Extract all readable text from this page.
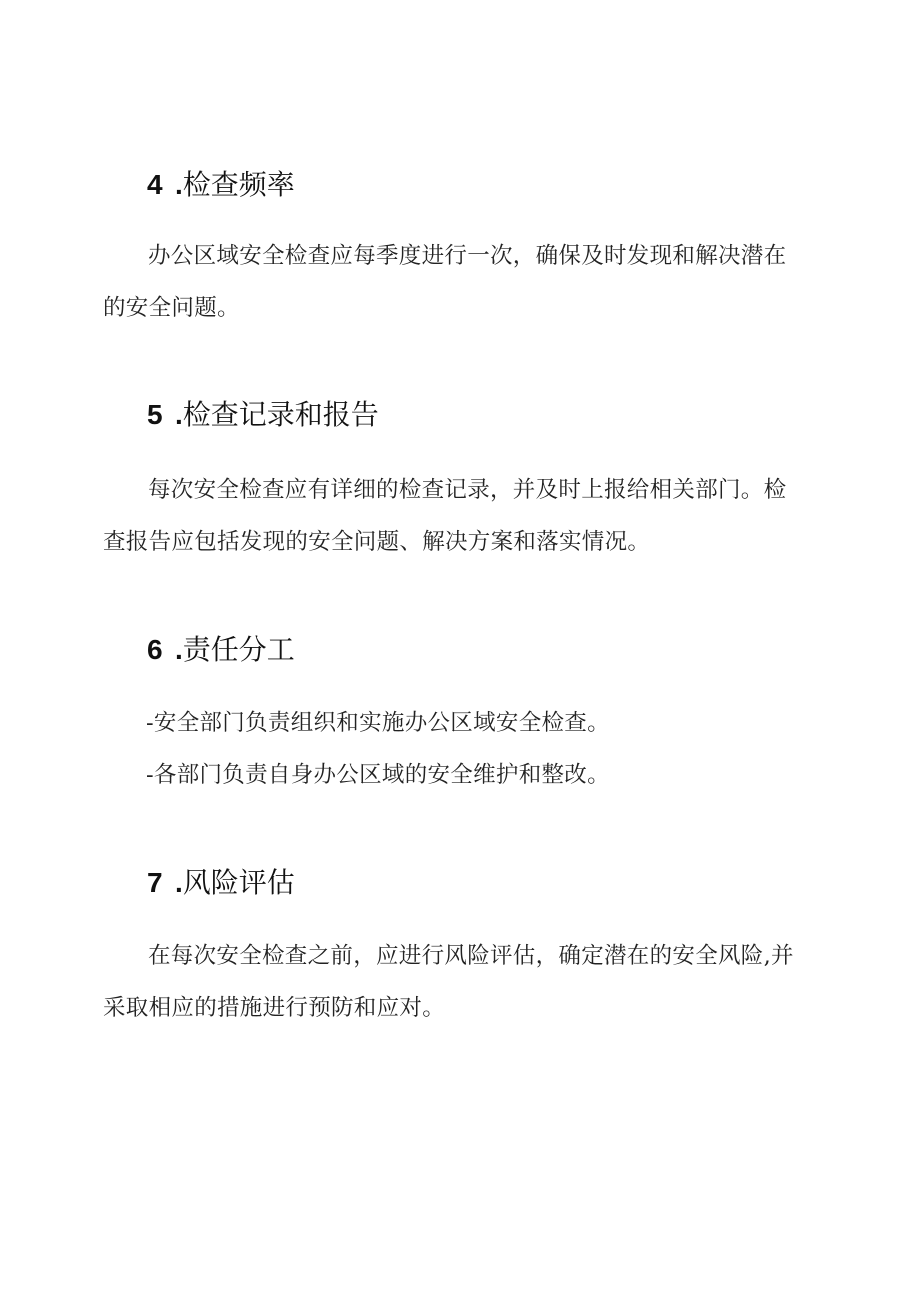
4 .检查频率

办公区域安全检查应每季度进行一次，确保及时发现和解决潜在
的安全问题。

5 .检查记录和报告

每次安全检查应有详细的检查记录，并及时上报给相关部门。检
查报告应包括发现的安全问题、解决方案和落实情况。

6 .责任分工

-安全部门负责组织和实施办公区域安全检查。
-各部门负责自身办公区域的安全维护和整改。

7 .风险评估

在每次安全检查之前，应进行风险评估，确定潜在的安全风险,并
采取相应的措施进行预防和应对。
